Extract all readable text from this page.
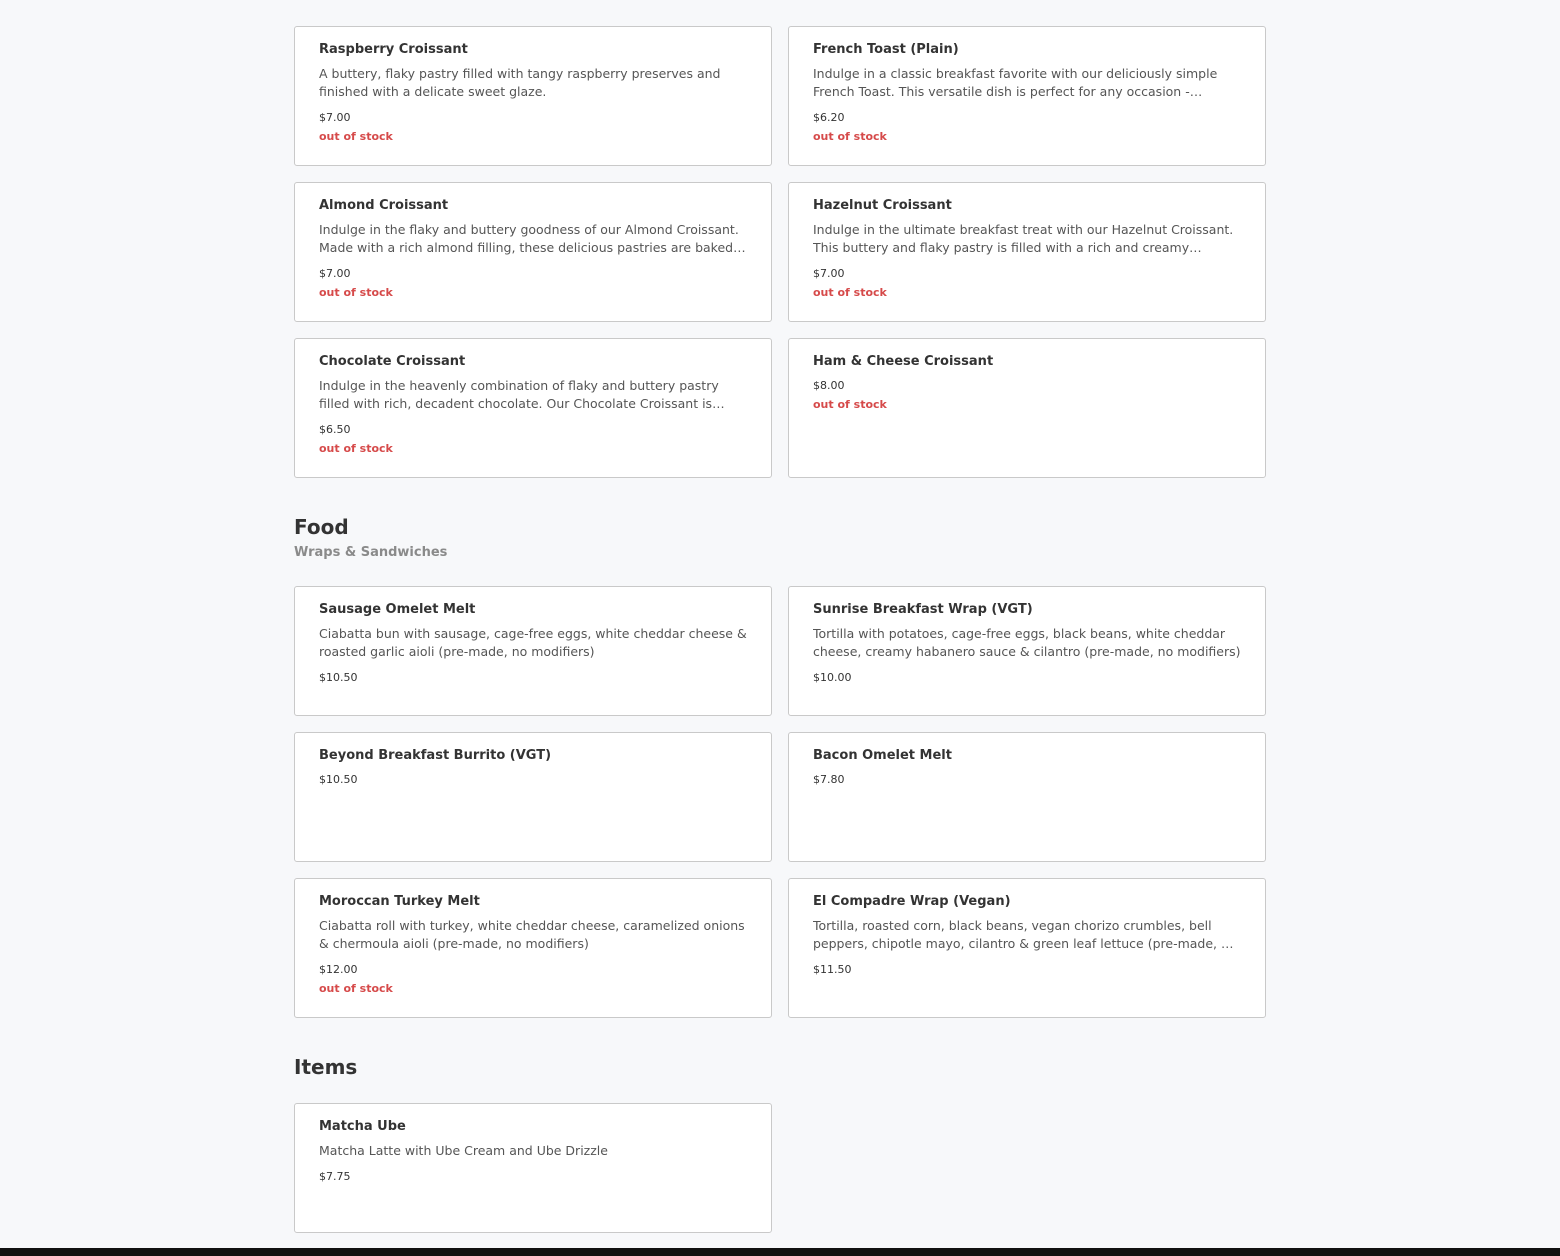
Raspberry Croissant
A buttery, flaky pastry filled with tangy raspberry preserves and finished with a delicate sweet glaze.
$7.00
out of stock
French Toast (Plain)
Indulge in a classic breakfast favorite with our deliciously simple French Toast. This versatile dish is perfect for any occasion -
$6.20
out of stock
Almond Croissant
Indulge in the flaky and buttery goodness of our Almond Croissant. Made with a rich almond filling, these delicious pastries are baked
$7.00
out of stock
Hazelnut Croissant
Indulge in the ultimate breakfast treat with our Hazelnut Croissant. This buttery and flaky pastry is filled with a rich and creamy
$7.00
out of stock
Chocolate Croissant
Indulge in the heavenly combination of flaky and buttery pastry filled with rich, decadent chocolate. Our Chocolate Croissant is
$6.50
out of stock
Ham & Cheese Croissant
$8.00
out of stock
Food
Wraps & Sandwiches
Sausage Omelet Melt
Ciabatta bun with sausage, cage-free eggs, white cheddar cheese & roasted garlic aioli (pre-made, no modifiers)
$10.50
Sunrise Breakfast Wrap (VGT)
Tortilla with potatoes, cage-free eggs, black beans, white cheddar cheese, creamy habanero sauce & cilantro (pre-made, no modifiers)
$10.00
Beyond Breakfast Burrito (VGT)
$10.50
Bacon Omelet Melt
$7.80
Moroccan Turkey Melt
Ciabatta roll with turkey, white cheddar cheese, caramelized onions & chermoula aioli (pre-made, no modifiers)
$12.00
out of stock
El Compadre Wrap (Vegan)
Tortilla, roasted corn, black beans, vegan chorizo crumbles, bell peppers, chipotle mayo, cilantro & green leaf lettuce (pre-made, no
$11.50
Items
Matcha Ube
Matcha Latte with Ube Cream and Ube Drizzle
$7.75
